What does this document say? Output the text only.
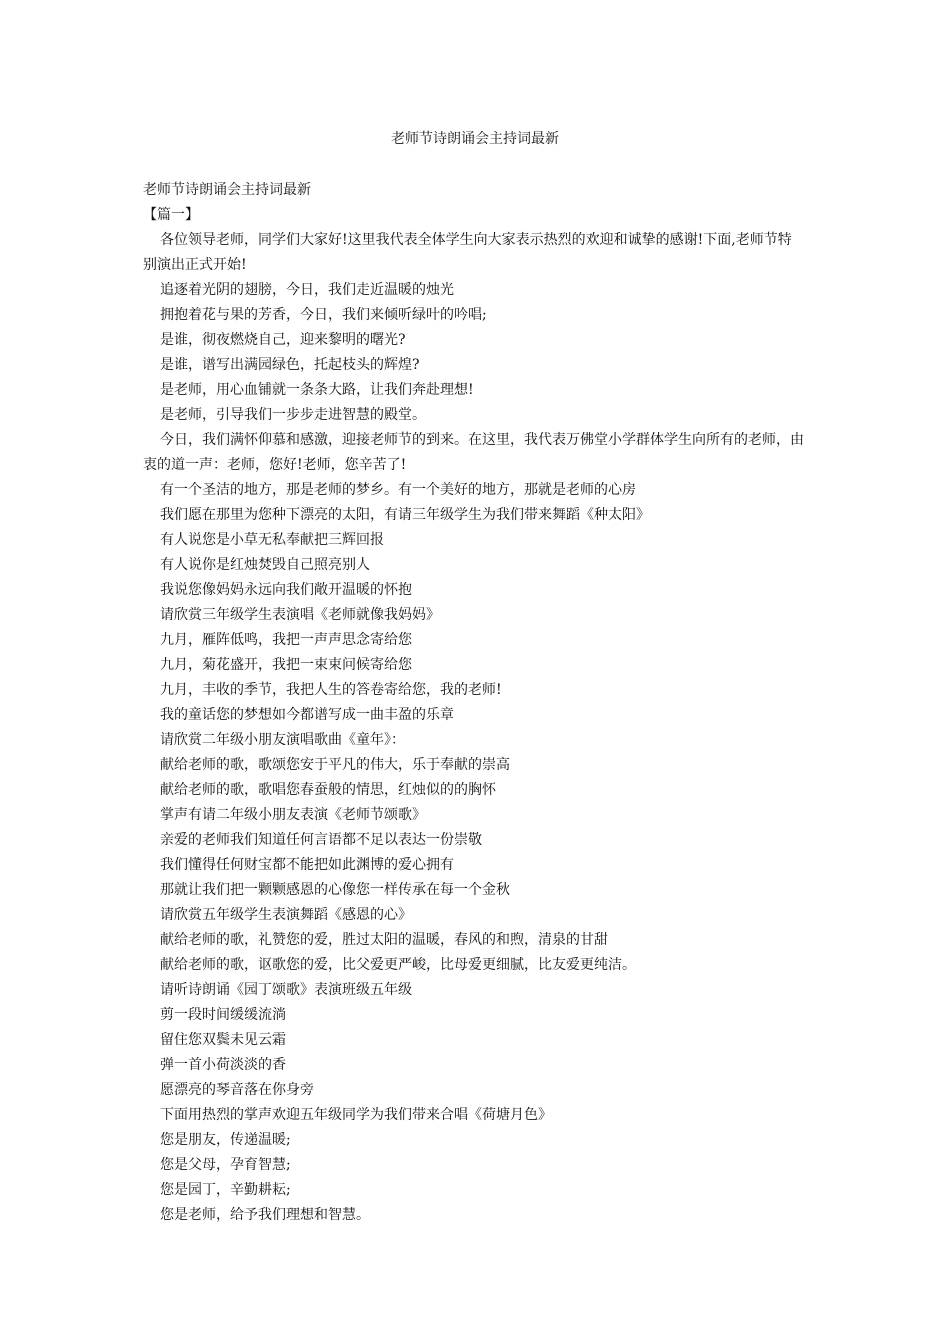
老师节诗朗诵会主持词最新

老师节诗朗诵会主持词最新

【篇一】

各位领导老师，同学们大家好!这里我代表全体学生向大家表示热烈的欢迎和诚挚的感谢!下面,老师节特别演出正式开始!

追逐着光阴的翅膀，今日，我们走近温暖的烛光

拥抱着花与果的芳香，今日，我们来倾听绿叶的吟唱;

是谁，彻夜燃烧自己，迎来黎明的曙光?

是谁，谱写出满园绿色，托起枝头的辉煌?

是老师，用心血铺就一条条大路，让我们奔赴理想!

是老师，引导我们一步步走进智慧的殿堂。

今日，我们满怀仰慕和感激，迎接老师节的到来。在这里，我代表万佛堂小学群体学生向所有的老师，由衷的道一声：老师，您好!老师，您辛苦了!

有一个圣洁的地方，那是老师的梦乡。有一个美好的地方，那就是老师的心房

我们愿在那里为您种下漂亮的太阳，有请三年级学生为我们带来舞蹈《种太阳》

有人说您是小草无私奉献把三辉回报

有人说你是红烛焚毁自己照亮别人

我说您像妈妈永远向我们敞开温暖的怀抱

请欣赏三年级学生表演唱《老师就像我妈妈》

九月，雁阵低鸣，我把一声声思念寄给您

九月，菊花盛开，我把一束束问候寄给您

九月，丰收的季节，我把人生的答卷寄给您，我的老师!

我的童话您的梦想如今都谱写成一曲丰盈的乐章

请欣赏二年级小朋友演唱歌曲《童年》：

献给老师的歌，歌颂您安于平凡的伟大，乐于奉献的崇高

献给老师的歌，歌唱您春蚕般的情思，红烛似的的胸怀

掌声有请二年级小朋友表演《老师节颂歌》

亲爱的老师我们知道任何言语都不足以表达一份崇敬

我们懂得任何财宝都不能把如此渊博的爱心拥有

那就让我们把一颗颗感恩的心像您一样传承在每一个金秋

请欣赏五年级学生表演舞蹈《感恩的心》

献给老师的歌，礼赞您的爱，胜过太阳的温暖，春风的和煦，清泉的甘甜

献给老师的歌，讴歌您的爱，比父爱更严峻，比母爱更细腻，比友爱更纯洁。

请听诗朗诵《园丁颂歌》表演班级五年级

剪一段时间缓缓流淌

留住您双鬓未见云霜

弹一首小荷淡淡的香

愿漂亮的琴音落在你身旁

下面用热烈的掌声欢迎五年级同学为我们带来合唱《荷塘月色》

您是朋友，传递温暖;

您是父母，孕育智慧;

您是园丁，辛勤耕耘;

您是老师，给予我们理想和智慧。
